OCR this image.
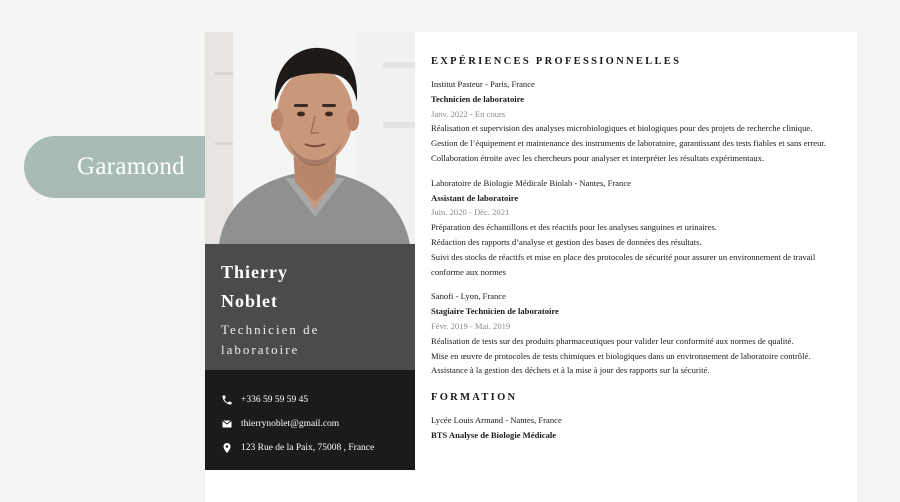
Garamond
Thierry
Noblet
Technicien de
laboratoire
+336 59 59 59 45
thierrynoblet@gmail.com
123 Rue de la Paix, 75008 , France
EXPÉRIENCES PROFESSIONNELLES
Institut Pasteur - Paris, France
Technicien de laboratoire
Janv. 2022 - En cours

Réalisation et supervision des analyses microbiologiques et biologiques pour des projets de recherche clinique.

Gestion de l’équipement et maintenance des instruments de laboratoire, garantissant des tests fiables et sans erreur.

Collaboration étroite avec les chercheurs pour analyser et interpréter les résultats expérimentaux.

Laboratoire de Biologie Médicale Biolab - Nantes, France
Assistant de laboratoire
Juin. 2020 - Déc. 2021

Préparation des échantillons et des réactifs pour les analyses sanguines et urinaires.

Rédaction des rapports d’analyse et gestion des bases de données des résultats.

Suivi des stocks de réactifs et mise en place des protocoles de sécurité pour assurer un environnement de travail conforme aux normes

Sanofi - Lyon, France
Stagiaire Technicien de laboratoire
Févr. 2019 - Mai. 2019

Réalisation de tests sur des produits pharmaceutiques pour valider leur conformité aux normes de qualité.

Mise en œuvre de protocoles de tests chimiques et biologiques dans un environnement de laboratoire contrôlé.

Assistance à la gestion des déchets et à la mise à jour des rapports sur la sécurité.

FORMATION
Lycée Louis Armand - Nantes, France
BTS Analyse de Biologie Médicale
